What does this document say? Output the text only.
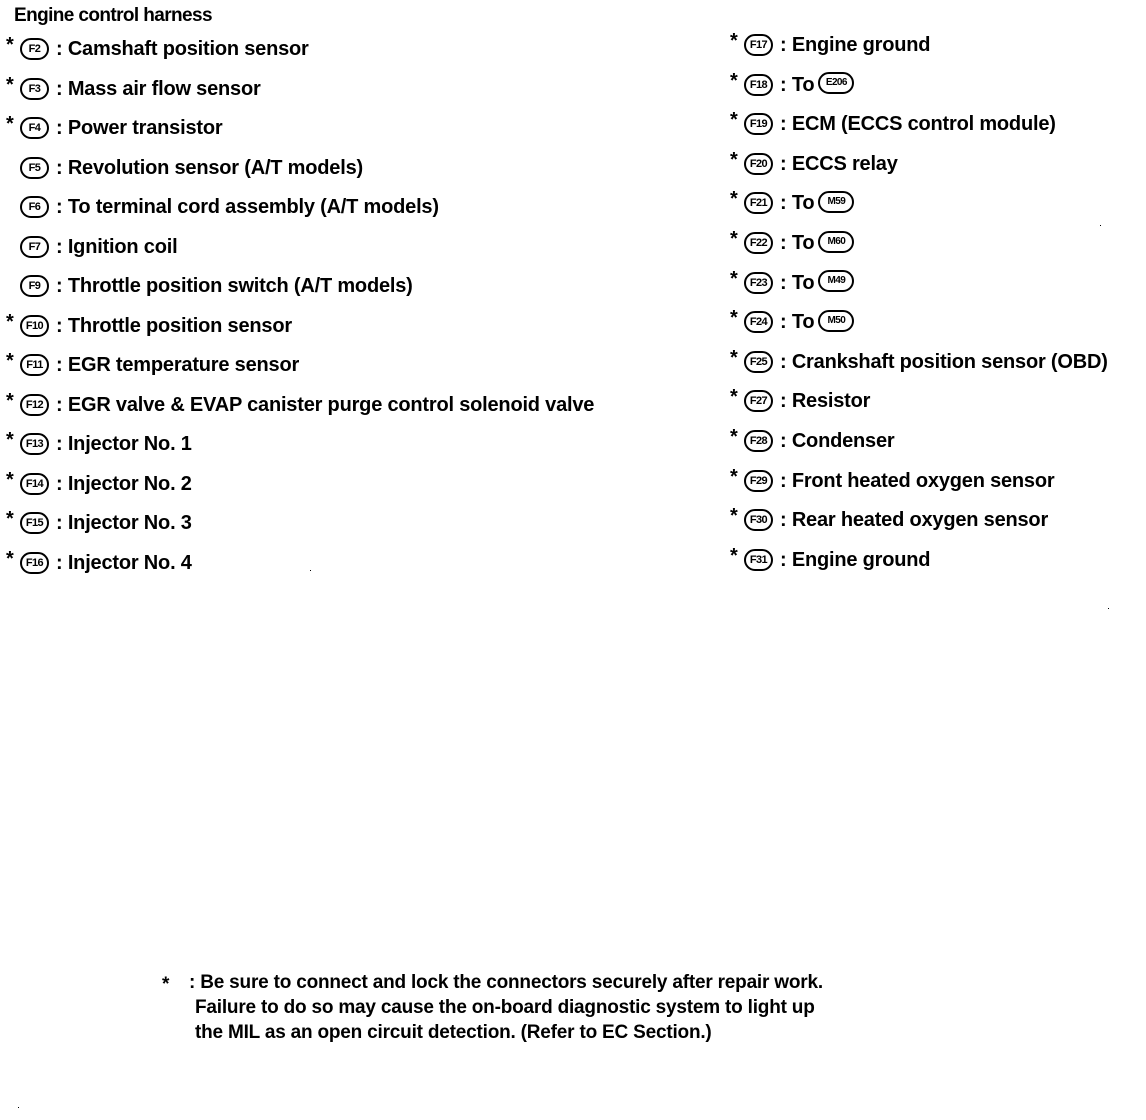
Engine control harness
*	F2 : Camshaft position sensor
*	F3 : Mass air flow sensor
*	F4 : Power transistor
F5 : Revolution sensor (A/T models)
F6 : To terminal cord assembly (A/T models)
F7 : Ignition coil
F9 : Throttle position switch (A/T models)
*	F10 : Throttle position sensor
*	F11 : EGR temperature sensor
*	F12 : EGR valve & EVAP canister purge control solenoid valve
*	F13 : Injector No. 1
*	F14 : Injector No. 2
*	F15 : Injector No. 3
*	F16 : Injector No. 4
*	F17 : Engine ground
*	F18 : To E206
*	F19 : ECM (ECCS control module)
*	F20 : ECCS relay
*	F21 : To M59
*	F22 : To M60
*	F23 : To M49
*	F24 : To M50
*	F25 : Crankshaft position sensor (OBD)
*	F27 : Resistor
*	F28 : Condenser
*	F29 : Front heated oxygen sensor
*	F30 : Rear heated oxygen sensor
*	F31 : Engine ground
* : Be sure to connect and lock the connectors securely after repair work.
Failure to do so may cause the on-board diagnostic system to light up
the MIL as an open circuit detection. (Refer to EC Section.)
